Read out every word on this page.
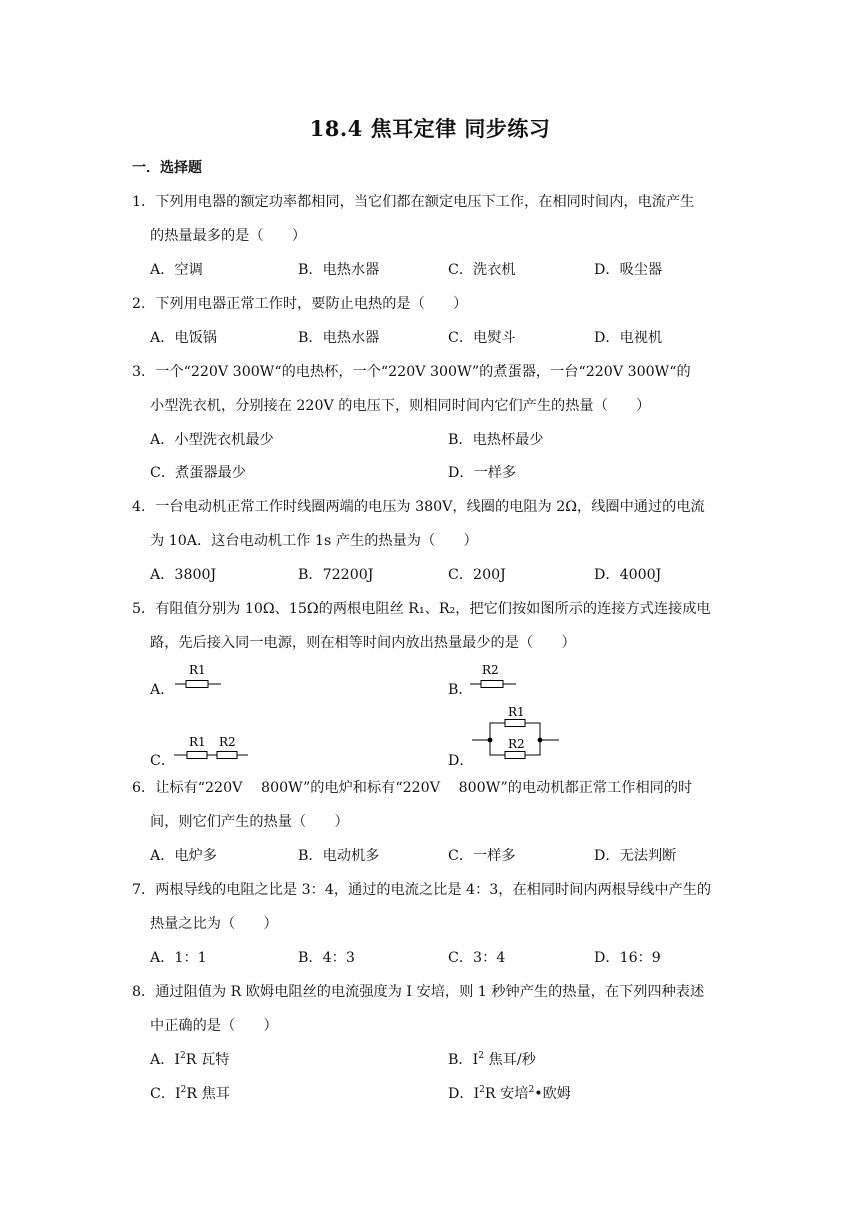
18.4 焦耳定律 同步练习
一．选择题
1．下列用电器的额定功率都相同，当它们都在额定电压下工作，在相同时间内，电流产生
的热量最多的是（　　）
A．空调	B．电热水器	C．洗衣机	D．吸尘器
2．下列用电器正常工作时，要防止电热的是（　　）
A．电饭锅	B．电热水器	C．电熨斗	D．电视机
3．一个“220V 300W“的电热杯，一个“220V 300W”的煮蛋器，一台“220V 300W“的
小型洗衣机，分别接在 220V 的电压下，则相同时间内它们产生的热量（　　）
A．小型洗衣机最少	B．电热杯最少
C．煮蛋器最少	D．一样多
4．一台电动机正常工作时线圈两端的电压为 380V，线圈的电阻为 2Ω，线圈中通过的电流
为 10A．这台电动机工作 1s 产生的热量为（　　）
A．3800J	B．72200J	C．200J	D．4000J
5．有阻值分别为 10Ω、15Ω的两根电阻丝 R₁、R₂，把它们按如图所示的连接方式连接成电
路，先后接入同一电源，则在相等时间内放出热量最少的是（　　）
A．
R1
B．
R2
C．
R1 R2
D．
R1
R2
6．让标有“220V　 800W”的电炉和标有“220V　 800W”的电动机都正常工作相同的时
间，则它们产生的热量（　　）
A．电炉多	B．电动机多	C．一样多	D．无法判断
7．两根导线的电阻之比是 3：4，通过的电流之比是 4：3，在相同时间内两根导线中产生的
热量之比为（　　）
A．1：1	B．4：3	C．3：4	D．16：9
8．通过阻值为 R 欧姆电阻丝的电流强度为 I 安培，则 1 秒钟产生的热量，在下列四种表述
中正确的是（　　）
A．$I^2R$ 瓦特	B．$I^2$ 焦耳/秒
C．$I^2R$ 焦耳	D．$I^2R$ 安培$^2$•欧姆
